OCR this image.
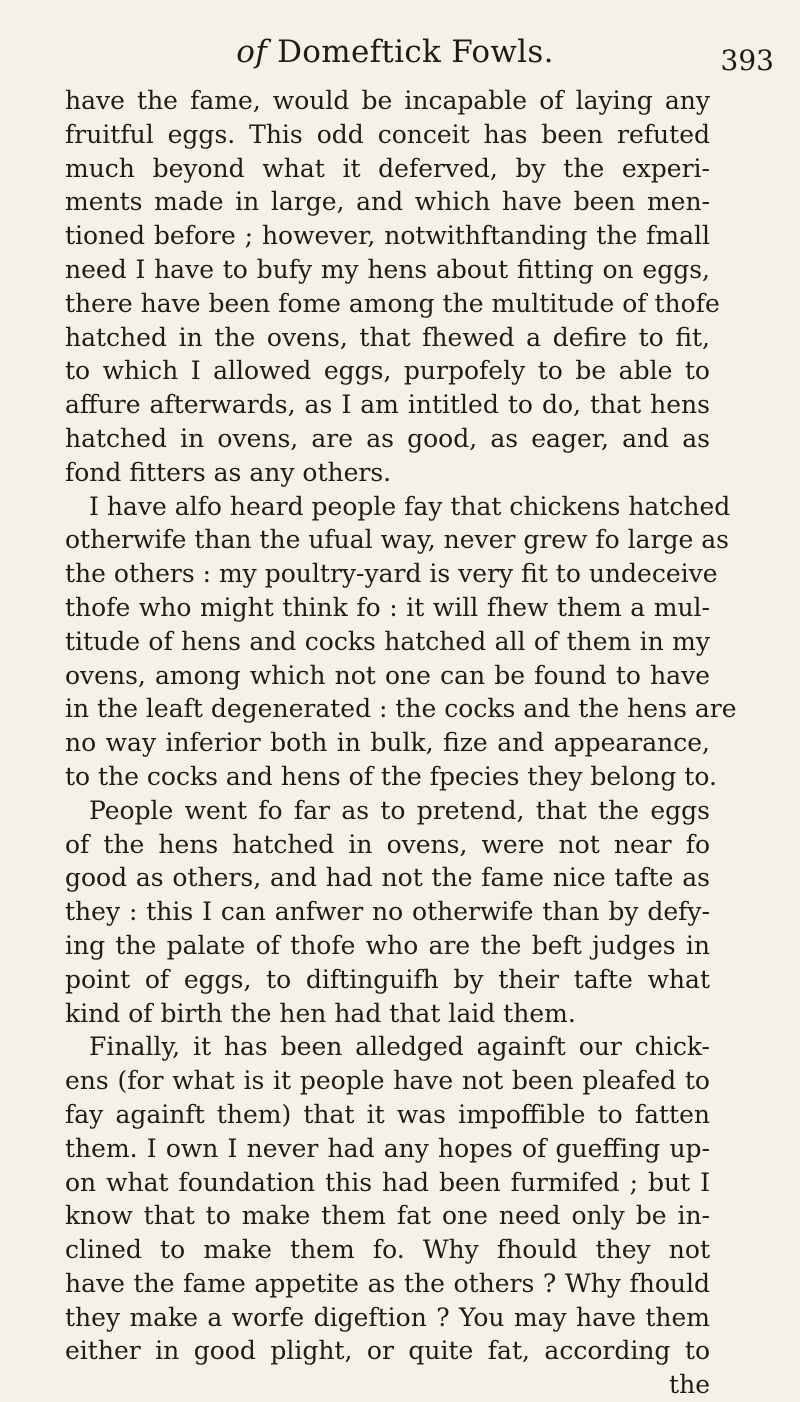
of Domeftick Fowls.	393
have the fame, would be incapable of laying any
fruitful eggs. This odd conceit has been refuted
much beyond what it deferved, by the experi-
ments made in large, and which have been men-
tioned before ; however, notwithftanding the fmall
need I have to bufy my hens about fitting on eggs,
there have been fome among the multitude of thofe
hatched in the ovens, that fhewed a defire to fit,
to which I allowed eggs, purpofely to be able to
affure afterwards, as I am intitled to do, that hens
hatched in ovens, are as good, as eager, and as
fond fitters as any others.
I have alfo heard people fay that chickens hatched
otherwife than the ufual way, never grew fo large as
the others : my poultry-yard is very fit to undeceive
thofe who might think fo : it will fhew them a mul-
titude of hens and cocks hatched all of them in my
ovens, among which not one can be found to have
in the leaft degenerated : the cocks and the hens are
no way inferior both in bulk, fize and appearance,
to the cocks and hens of the fpecies they belong to.
People went fo far as to pretend, that the eggs
of the hens hatched in ovens, were not near fo
good as others, and had not the fame nice tafte as
they : this I can anfwer no otherwife than by defy-
ing the palate of thofe who are the beft judges in
point of eggs, to diftinguifh by their tafte what
kind of birth the hen had that laid them.
Finally, it has been alledged againft our chick-
ens (for what is it people have not been pleafed to
fay againft them) that it was impoffible to fatten
them. I own I never had any hopes of gueffing up-
on what foundation this had been furmifed ; but I
know that to make them fat one need only be in-
clined to make them fo. Why fhould they not
have the fame appetite as the others ? Why fhould
they make a worfe digeftion ? You may have them
either in good plight, or quite fat, according to
the
